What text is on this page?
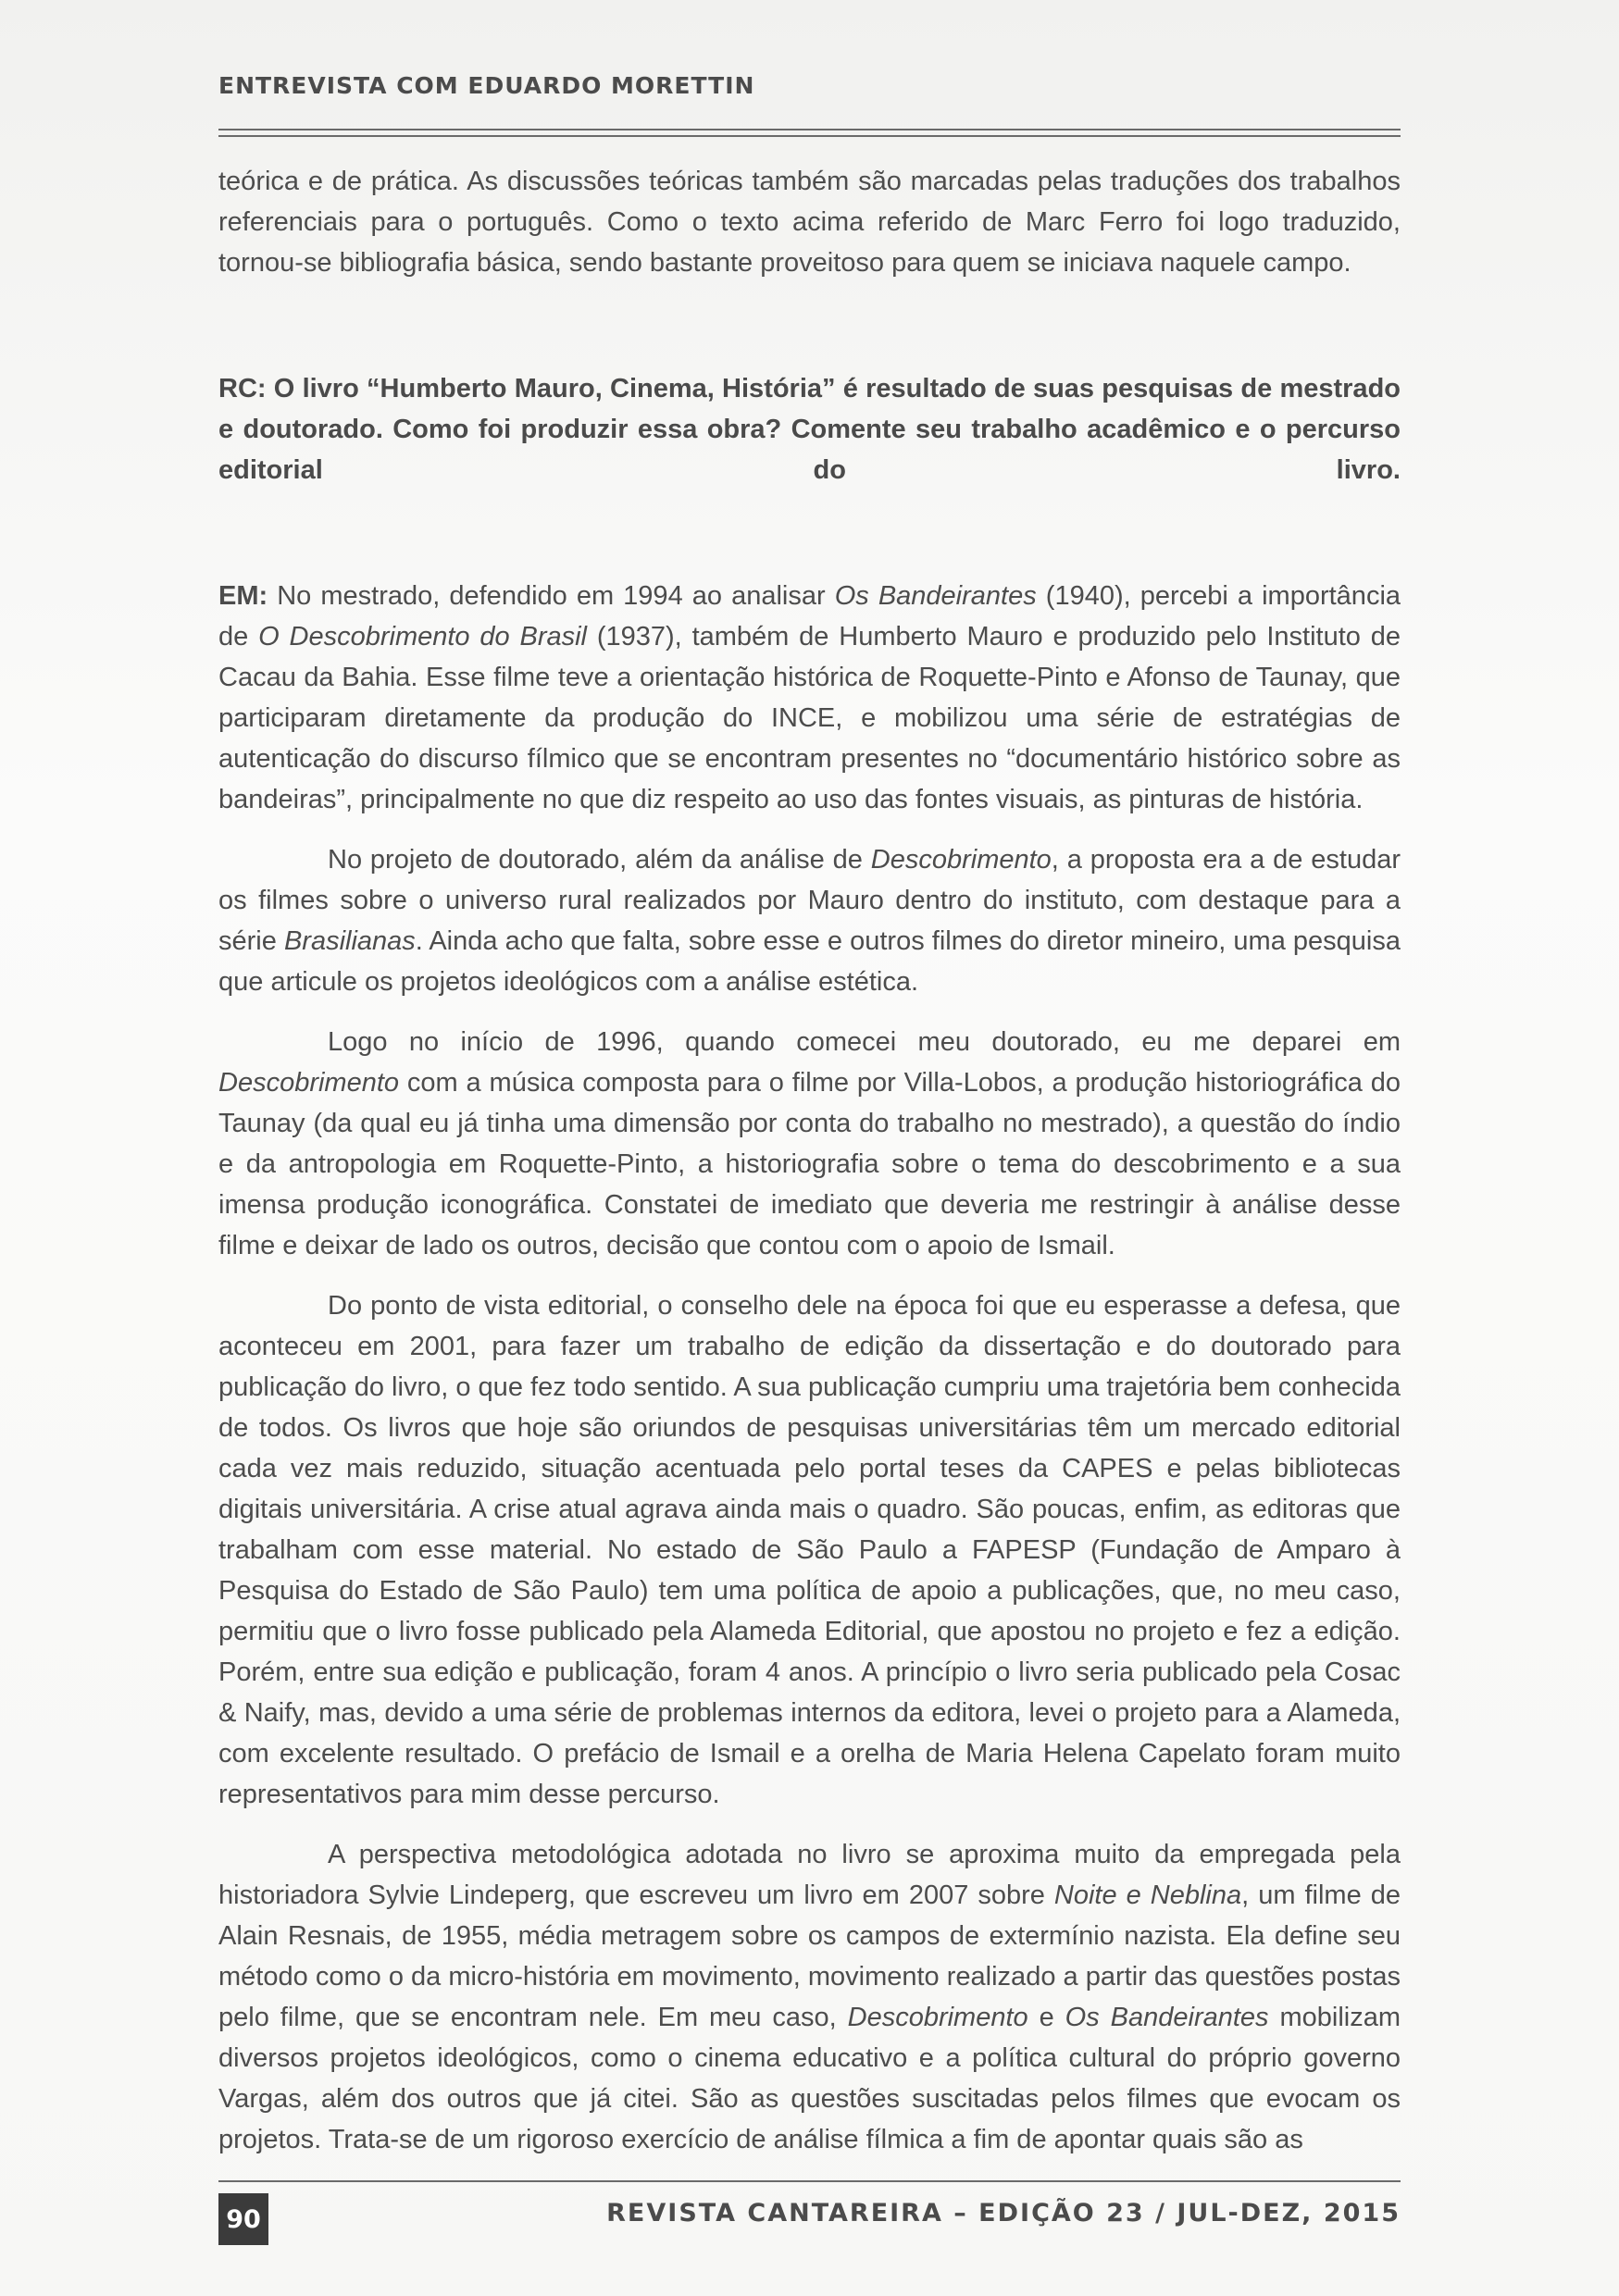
ENTREVISTA COM EDUARDO MORETTIN

teórica e de prática. As discussões teóricas também são marcadas pelas traduções dos trabalhos referenciais para o português. Como o texto acima referido de Marc Ferro foi logo traduzido, tornou-se bibliografia básica, sendo bastante proveitoso para quem se iniciava naquele campo.

RC: O livro “Humberto Mauro, Cinema, História” é resultado de suas pesquisas de mestrado e doutorado. Como foi produzir essa obra? Comente seu trabalho acadêmico e o percurso editorial do livro.

EM: No mestrado, defendido em 1994 ao analisar Os Bandeirantes (1940), percebi a importância de O Descobrimento do Brasil (1937), também de Humberto Mauro e produzido pelo Instituto de Cacau da Bahia. Esse filme teve a orientação histórica de Roquette-Pinto e Afonso de Taunay, que participaram diretamente da produção do INCE, e mobilizou uma série de estratégias de autenticação do discurso fílmico que se encontram presentes no “documentário histórico sobre as bandeiras”, principalmente no que diz respeito ao uso das fontes visuais, as pinturas de história.

No projeto de doutorado, além da análise de Descobrimento, a proposta era a de estudar os filmes sobre o universo rural realizados por Mauro dentro do instituto, com destaque para a série Brasilianas. Ainda acho que falta, sobre esse e outros filmes do diretor mineiro, uma pesquisa que articule os projetos ideológicos com a análise estética.

Logo no início de 1996, quando comecei meu doutorado, eu me deparei em Descobrimento com a música composta para o filme por Villa-Lobos, a produção historiográfica do Taunay (da qual eu já tinha uma dimensão por conta do trabalho no mestrado), a questão do índio e da antropologia em Roquette-Pinto, a historiografia sobre o tema do descobrimento e a sua imensa produção iconográfica. Constatei de imediato que deveria me restringir à análise desse filme e deixar de lado os outros, decisão que contou com o apoio de Ismail.

Do ponto de vista editorial, o conselho dele na época foi que eu esperasse a defesa, que aconteceu em 2001, para fazer um trabalho de edição da dissertação e do doutorado para publicação do livro, o que fez todo sentido. A sua publicação cumpriu uma trajetória bem conhecida de todos. Os livros que hoje são oriundos de pesquisas universitárias têm um mercado editorial cada vez mais reduzido, situação acentuada pelo portal teses da CAPES e pelas bibliotecas digitais universitária. A crise atual agrava ainda mais o quadro. São poucas, enfim, as editoras que trabalham com esse material. No estado de São Paulo a FAPESP (Fundação de Amparo à Pesquisa do Estado de São Paulo) tem uma política de apoio a publicações, que, no meu caso, permitiu que o livro fosse publicado pela Alameda Editorial, que apostou no projeto e fez a edição. Porém, entre sua edição e publicação, foram 4 anos. A princípio o livro seria publicado pela Cosac & Naify, mas, devido a uma série de problemas internos da editora, levei o projeto para a Alameda, com excelente resultado. O prefácio de Ismail e a orelha de Maria Helena Capelato foram muito representativos para mim desse percurso.

A perspectiva metodológica adotada no livro se aproxima muito da empregada pela historiadora Sylvie Lindeperg, que escreveu um livro em 2007 sobre Noite e Neblina, um filme de Alain Resnais, de 1955, média metragem sobre os campos de extermínio nazista. Ela define seu método como o da micro-história em movimento, movimento realizado a partir das questões postas pelo filme, que se encontram nele. Em meu caso, Descobrimento e Os Bandeirantes mobilizam diversos projetos ideológicos, como o cinema educativo e a política cultural do próprio governo Vargas, além dos outros que já citei. São as questões suscitadas pelos filmes que evocam os projetos. Trata-se de um rigoroso exercício de análise fílmica a fim de apontar quais são as

90	REVISTA CANTAREIRA – EDIÇÃO 23 / JUL-DEZ, 2015
